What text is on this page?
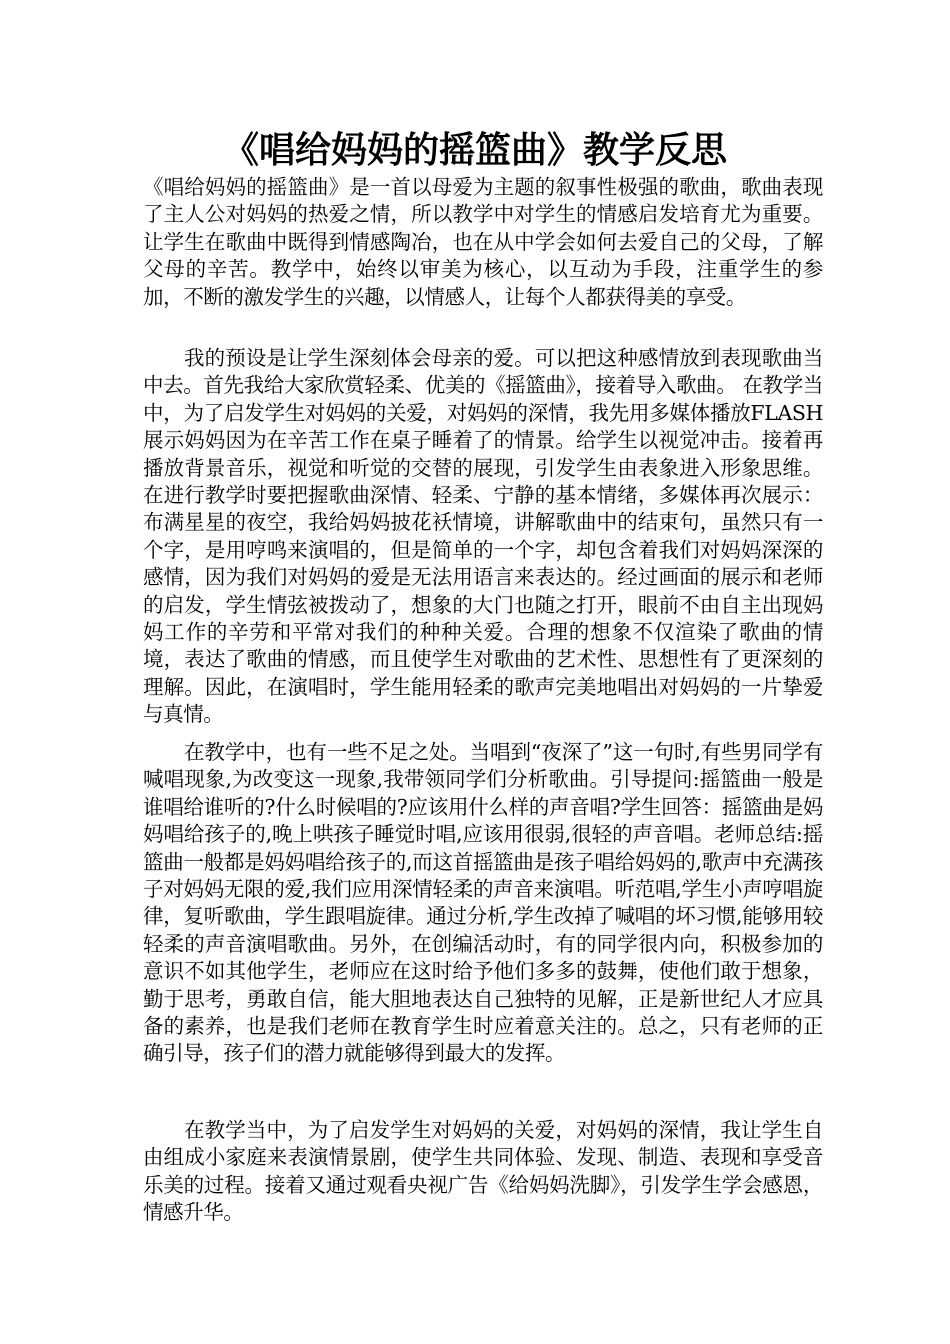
《唱给妈妈的摇篮曲》教学反思

《唱给妈妈的摇篮曲》是一首以母爱为主题的叙事性极强的歌曲，歌曲表现了主人公对妈妈的热爱之情，所以教学中对学生的情感启发培育尤为重要。让学生在歌曲中既得到情感陶冶，也在从中学会如何去爱自己的父母，了解父母的辛苦。教学中，始终以审美为核心，以互动为手段，注重学生的参加，不断的激发学生的兴趣，以情感人，让每个人都获得美的享受。

我的预设是让学生深刻体会母亲的爱。可以把这种感情放到表现歌曲当中去。首先我给大家欣赏轻柔、优美的《摇篮曲》，接着导入歌曲。 在教学当中，为了启发学生对妈妈的关爱，对妈妈的深情，我先用多媒体播放FLASH展示妈妈因为在辛苦工作在桌子睡着了的情景。给学生以视觉冲击。接着再播放背景音乐，视觉和听觉的交替的展现，引发学生由表象进入形象思维。在进行教学时要把握歌曲深情、轻柔、宁静的基本情绪，多媒体再次展示：布满星星的夜空，我给妈妈披花袄情境，讲解歌曲中的结束句，虽然只有一个字，是用哼鸣来演唱的，但是简单的一个字，却包含着我们对妈妈深深的感情，因为我们对妈妈的爱是无法用语言来表达的。经过画面的展示和老师的启发，学生情弦被拨动了，想象的大门也随之打开，眼前不由自主出现妈妈工作的辛劳和平常对我们的种种关爱。合理的想象不仅渲染了歌曲的情境，表达了歌曲的情感，而且使学生对歌曲的艺术性、思想性有了更深刻的理解。因此，在演唱时，学生能用轻柔的歌声完美地唱出对妈妈的一片挚爱与真情。

在教学中，也有一些不足之处。当唱到“夜深了”这一句时,有些男同学有喊唱现象,为改变这一现象,我带领同学们分析歌曲。引导提问:摇篮曲一般是谁唱给谁听的?什么时候唱的?应该用什么样的声音唱?学生回答：摇篮曲是妈妈唱给孩子的,晚上哄孩子睡觉时唱,应该用很弱,很轻的声音唱。老师总结:摇篮曲一般都是妈妈唱给孩子的,而这首摇篮曲是孩子唱给妈妈的,歌声中充满孩子对妈妈无限的爱,我们应用深情轻柔的声音来演唱。听范唱,学生小声哼唱旋律，复听歌曲，学生跟唱旋律。通过分析,学生改掉了喊唱的坏习惯,能够用较轻柔的声音演唱歌曲。另外，在创编活动时，有的同学很内向，积极参加的意识不如其他学生，老师应在这时给予他们多多的鼓舞，使他们敢于想象，勤于思考，勇敢自信，能大胆地表达自己独特的见解，正是新世纪人才应具备的素养，也是我们老师在教育学生时应着意关注的。总之，只有老师的正确引导，孩子们的潜力就能够得到最大的发挥。

在教学当中，为了启发学生对妈妈的关爱，对妈妈的深情，我让学生自由组成小家庭来表演情景剧，使学生共同体验、发现、制造、表现和享受音乐美的过程。接着又通过观看央视广告《给妈妈洗脚》，引发学生学会感恩，情感升华。
